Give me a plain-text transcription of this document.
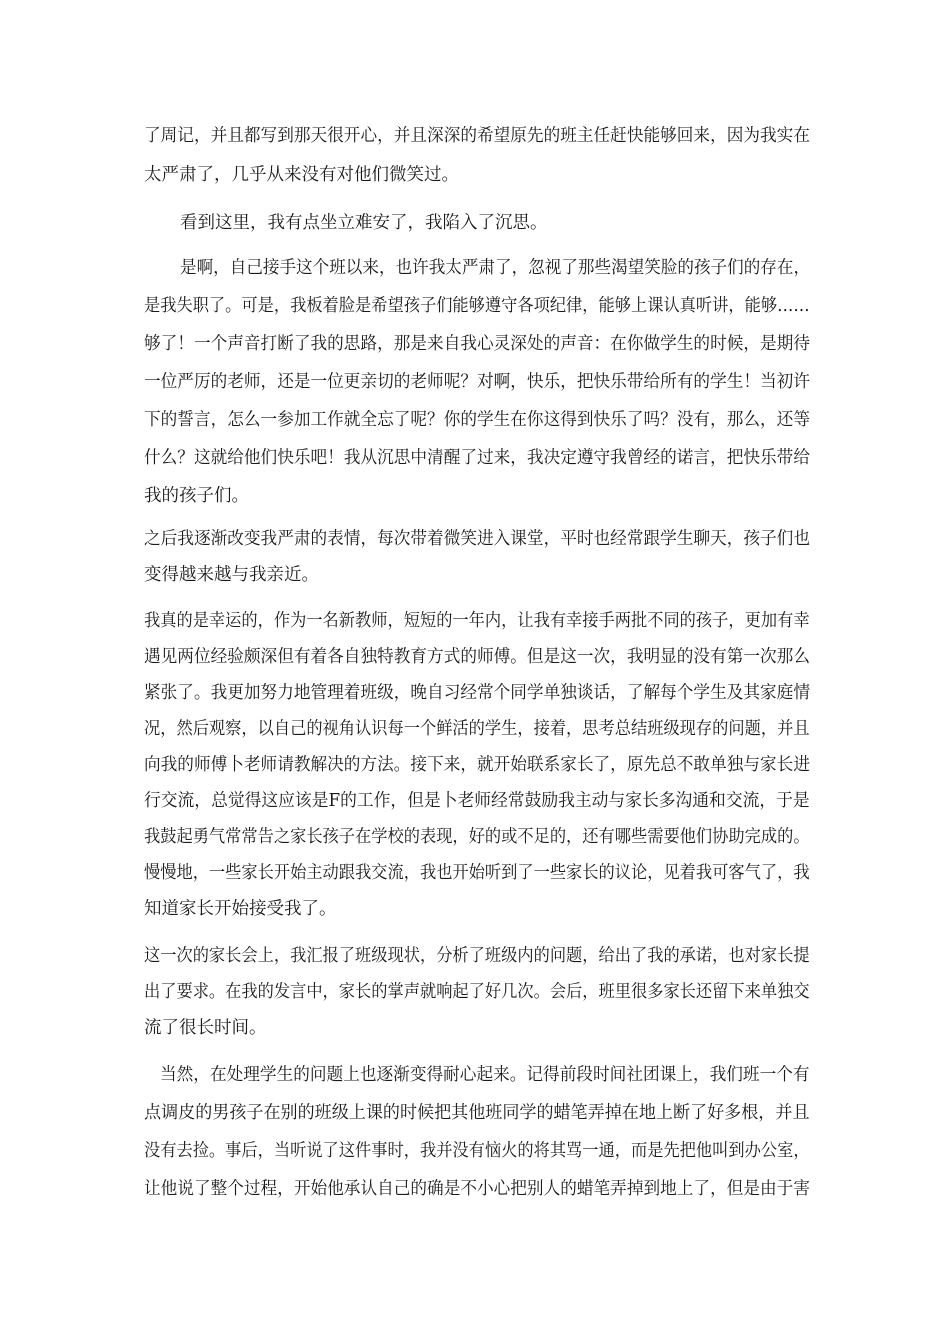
了周记，并且都写到那天很开心，并且深深的希望原先的班主任赶快能够回来，因为我实在
太严肃了，几乎从来没有对他们微笑过。
看到这里，我有点坐立难安了，我陷入了沉思。
是啊，自己接手这个班以来，也许我太严肃了，忽视了那些渴望笑脸的孩子们的存在，
是我失职了。可是，我板着脸是希望孩子们能够遵守各项纪律，能够上课认真听讲，能够……
够了！一个声音打断了我的思路，那是来自我心灵深处的声音：在你做学生的时候，是期待
一位严厉的老师，还是一位更亲切的老师呢？对啊，快乐，把快乐带给所有的学生！当初许
下的誓言，怎么一参加工作就全忘了呢？你的学生在你这得到快乐了吗？没有，那么，还等
什么？这就给他们快乐吧！我从沉思中清醒了过来，我决定遵守我曾经的诺言，把快乐带给
我的孩子们。
之后我逐渐改变我严肃的表情，每次带着微笑进入课堂，平时也经常跟学生聊天，孩子们也
变得越来越与我亲近。
我真的是幸运的，作为一名新教师，短短的一年内，让我有幸接手两批不同的孩子，更加有幸
遇见两位经验颇深但有着各自独特教育方式的师傅。但是这一次，我明显的没有第一次那么
紧张了。我更加努力地管理着班级，晚自习经常个同学单独谈话，了解每个学生及其家庭情
况，然后观察，以自己的视角认识每一个鲜活的学生，接着，思考总结班级现存的问题，并且
向我的师傅卜老师请教解决的方法。接下来，就开始联系家长了，原先总不敢单独与家长进
行交流，总觉得这应该是F的工作，但是卜老师经常鼓励我主动与家长多沟通和交流，于是
我鼓起勇气常常告之家长孩子在学校的表现，好的或不足的，还有哪些需要他们协助完成的。
慢慢地，一些家长开始主动跟我交流，我也开始听到了一些家长的议论，见着我可客气了，我
知道家长开始接受我了。
这一次的家长会上，我汇报了班级现状，分析了班级内的问题，给出了我的承诺，也对家长提
出了要求。在我的发言中，家长的掌声就响起了好几次。会后，班里很多家长还留下来单独交
流了很长时间。
当然，在处理学生的问题上也逐渐变得耐心起来。记得前段时间社团课上，我们班一个有
点调皮的男孩子在别的班级上课的时候把其他班同学的蜡笔弄掉在地上断了好多根，并且
没有去捡。事后，当听说了这件事时，我并没有恼火的将其骂一通，而是先把他叫到办公室，
让他说了整个过程，开始他承认自己的确是不小心把别人的蜡笔弄掉到地上了，但是由于害
